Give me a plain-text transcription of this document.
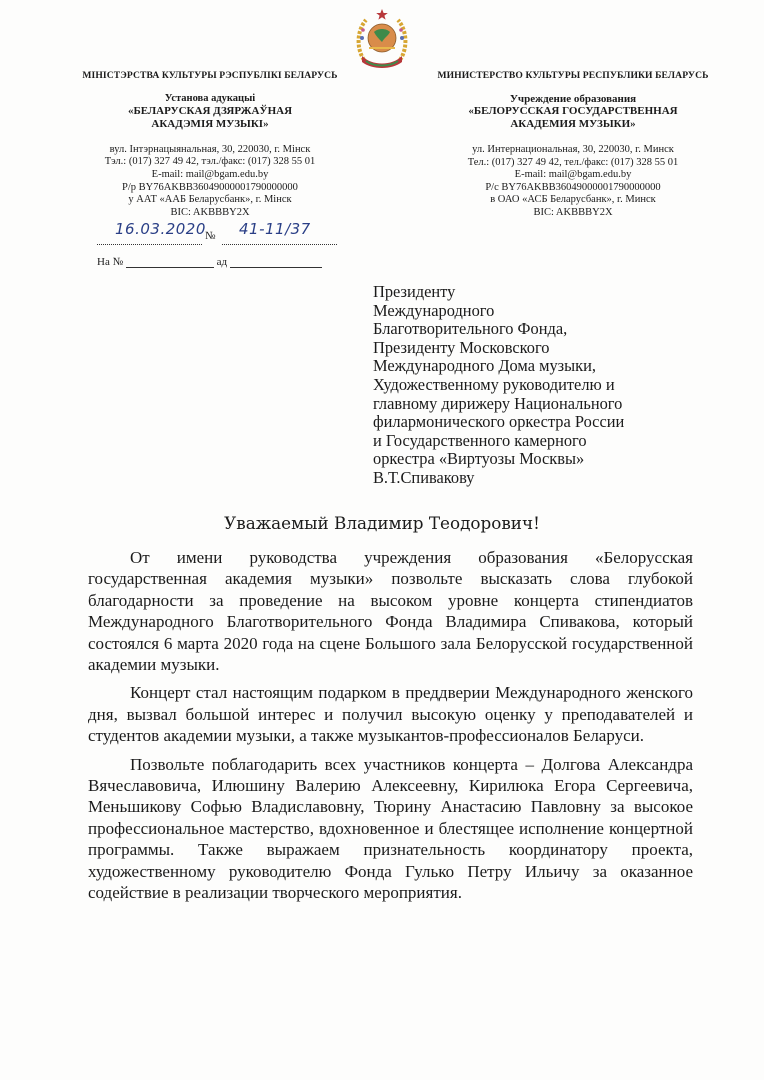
МІНІСТЭРСТВА КУЛЬТУРЫ РЭСПУБЛІКІ БЕЛАРУСЬ
Установа адукацыі
«БЕЛАРУСКАЯ ДЗЯРЖАЎНАЯ
АКАДЭМІЯ МУЗЫКІ»
вул. Інтэрнацыянальная, 30, 220030, г. Мінск
Тэл.: (017) 327 49 42, тэл./факс: (017) 328 55 01
E-mail: mail@bgam.edu.by
Р/р BY76AKBB36049000001790000000
у ААТ «ААБ Беларусбанк», г. Мінск
BIC: AKBBBY2X
МИНИСТЕРСТВО КУЛЬТУРЫ РЕСПУБЛИКИ БЕЛАРУСЬ
Учреждение образования
«БЕЛОРУССКАЯ ГОСУДАРСТВЕННАЯ
АКАДЕМИЯ МУЗЫКИ»
ул. Интернациональная, 30, 220030, г. Минск
Тел.: (017) 327 49 42, тел./факс: (017) 328 55 01
E-mail: mail@bgam.edu.by
Р/с BY76AKBB36049000001790000000
в ОАО «АСБ Беларусбанк», г. Минск
BIC: AKBBBY2X
16.03.2020 № 41-11/37
На №	ад
Президенту
Международного
Благотворительного Фонда,
Президенту Московского
Международного Дома музыки,
Художественному руководителю и
главному дирижеру Национального
филармонического оркестра России
и Государственного камерного
оркестра «Виртуозы Москвы»
В.Т.Спивакову
Уважаемый Владимир Теодорович!

От имени руководства учреждения образования «Белорусская государственная академия музыки» позвольте высказать слова глубокой благодарности за проведение на высоком уровне концерта стипендиатов Международного Благотворительного Фонда Владимира Спивакова, который состоялся 6 марта 2020 года на сцене Большого зала Белорусской государственной академии музыки.

Концерт стал настоящим подарком в преддверии Международного женского дня, вызвал большой интерес и получил высокую оценку у преподавателей и студентов академии музыки, а также музыкантов-профессионалов Беларуси.

Позвольте поблагодарить всех участников концерта – Долгова Александра Вячеславовича, Илюшину Валерию Алексеевну, Кирилюка Егора Сергеевича, Меньшикову Софью Владиславовну, Тюрину Анастасию Павловну за высокое профессиональное мастерство, вдохновенное и блестящее исполнение концертной программы. Также выражаем признательность координатору проекта, художественному руководителю Фонда Гулько Петру Ильичу за оказанное содействие в реализации творческого мероприятия.
